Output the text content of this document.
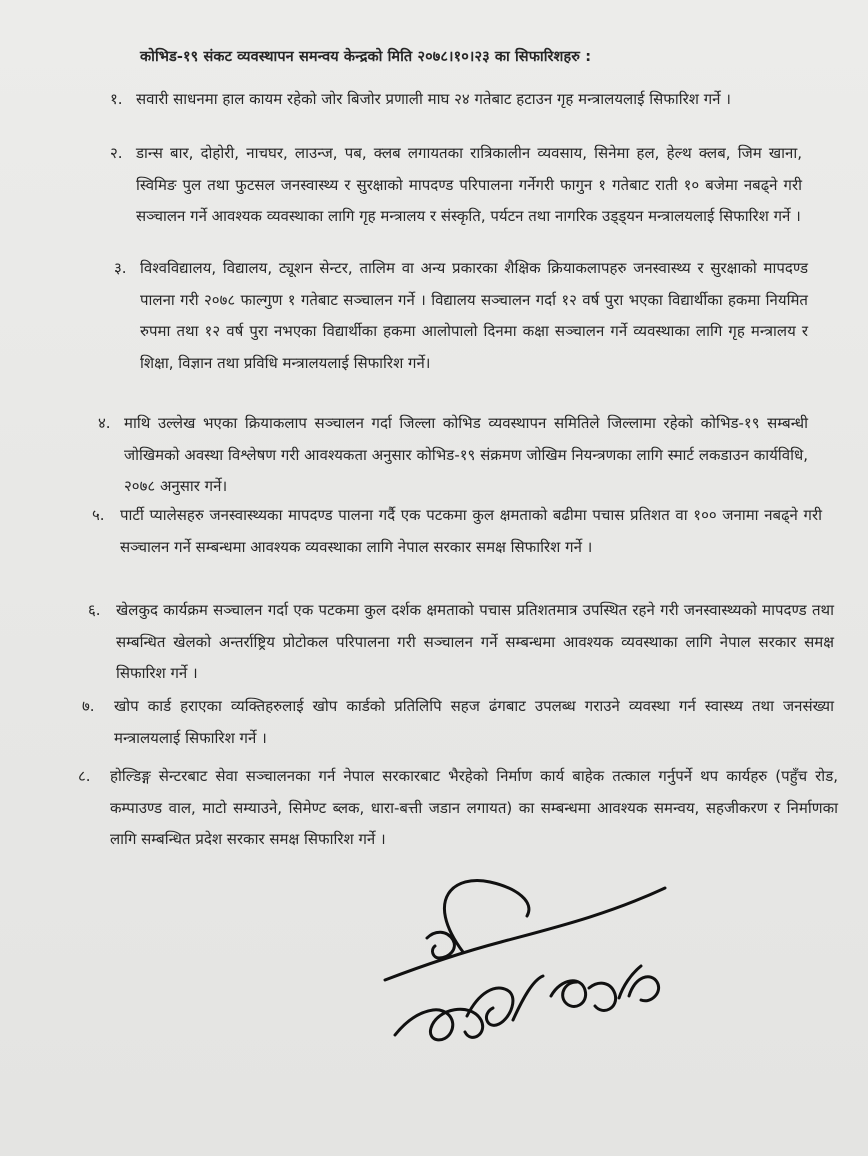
कोभिड-१९ संकट व्यवस्थापन समन्वय केन्द्रको मिति २०७८।१०।२३ का सिफारिशहरु :
१. सवारी साधनमा हाल कायम रहेको जोर बिजोर प्रणाली माघ २४ गतेबाट हटाउन गृह मन्त्रालयलाई सिफारिश गर्ने ।
२. डान्स बार, दोहोरी, नाचघर, लाउन्ज, पब, क्लब लगायतका रात्रिकालीन व्यवसाय, सिनेमा हल, हेल्थ क्लब, जिम खाना, स्विमिङ पुल तथा फुटसल जनस्वास्थ्य र सुरक्षाको मापदण्ड परिपालना गर्नेगरी फागुन १ गतेबाट राती १० बजेमा नबढ्ने गरी सञ्चालन गर्ने आवश्यक व्यवस्थाका लागि गृह मन्त्रालय र संस्कृति, पर्यटन तथा नागरिक उड्ड्यन मन्त्रालयलाई सिफारिश गर्ने ।
३. विश्वविद्यालय, विद्यालय, ट्यूशन सेन्टर, तालिम वा अन्य प्रकारका शैक्षिक क्रियाकलापहरु जनस्वास्थ्य र सुरक्षाको मापदण्ड पालना गरी २०७८ फाल्गुण १ गतेबाट सञ्चालन गर्ने । विद्यालय सञ्चालन गर्दा १२ वर्ष पुरा भएका विद्यार्थीका हकमा नियमित रुपमा तथा १२ वर्ष पुरा नभएका विद्यार्थीका हकमा आलोपालो दिनमा कक्षा सञ्चालन गर्ने व्यवस्थाका लागि गृह मन्त्रालय र शिक्षा, विज्ञान तथा प्रविधि मन्त्रालयलाई सिफारिश गर्ने।
४. माथि उल्लेख भएका क्रियाकलाप सञ्चालन गर्दा जिल्ला कोभिड व्यवस्थापन समितिले जिल्लामा रहेको कोभिड-१९ सम्बन्धी जोखिमको अवस्था विश्लेषण गरी आवश्यकता अनुसार कोभिड-१९ संक्रमण जोखिम नियन्त्रणका लागि स्मार्ट लकडाउन कार्यविधि, २०७८ अनुसार गर्ने।
५.	पार्टी प्यालेसहरु जनस्वास्थ्यका मापदण्ड पालना गर्दै एक पटकमा कुल क्षमताको बढीमा पचास प्रतिशत वा १०० जनामा नबढ्ने गरी सञ्चालन गर्ने सम्बन्धमा आवश्यक व्यवस्थाका लागि नेपाल सरकार समक्ष सिफारिश गर्ने ।
६.	खेलकुद कार्यक्रम सञ्चालन गर्दा एक पटकमा कुल दर्शक क्षमताको पचास प्रतिशतमात्र उपस्थित रहने गरी जनस्वास्थ्यको मापदण्ड तथा सम्बन्धित खेलको अन्तर्राष्ट्रिय प्रोटोकल परिपालना गरी सञ्चालन गर्ने सम्बन्धमा आवश्यक व्यवस्थाका लागि नेपाल सरकार समक्ष सिफारिश गर्ने ।
७.	खोप कार्ड हराएका व्यक्तिहरुलाई खोप कार्डको प्रतिलिपि सहज ढंगबाट उपलब्ध गराउने व्यवस्था गर्न स्वास्थ्य तथा जनसंख्या मन्त्रालयलाई सिफारिश गर्ने ।
८.	होल्डिङ्ग सेन्टरबाट सेवा सञ्चालनका गर्न नेपाल सरकारबाट भैरहेको निर्माण कार्य बाहेक तत्काल गर्नुपर्ने थप कार्यहरु (पहुँच रोड, कम्पाउण्ड वाल, माटो सम्याउने, सिमेण्ट ब्लक, धारा-बत्ती जडान लगायत) का सम्बन्धमा आवश्यक समन्वय, सहजीकरण र निर्माणका लागि सम्बन्धित प्रदेश सरकार समक्ष सिफारिश गर्ने ।
